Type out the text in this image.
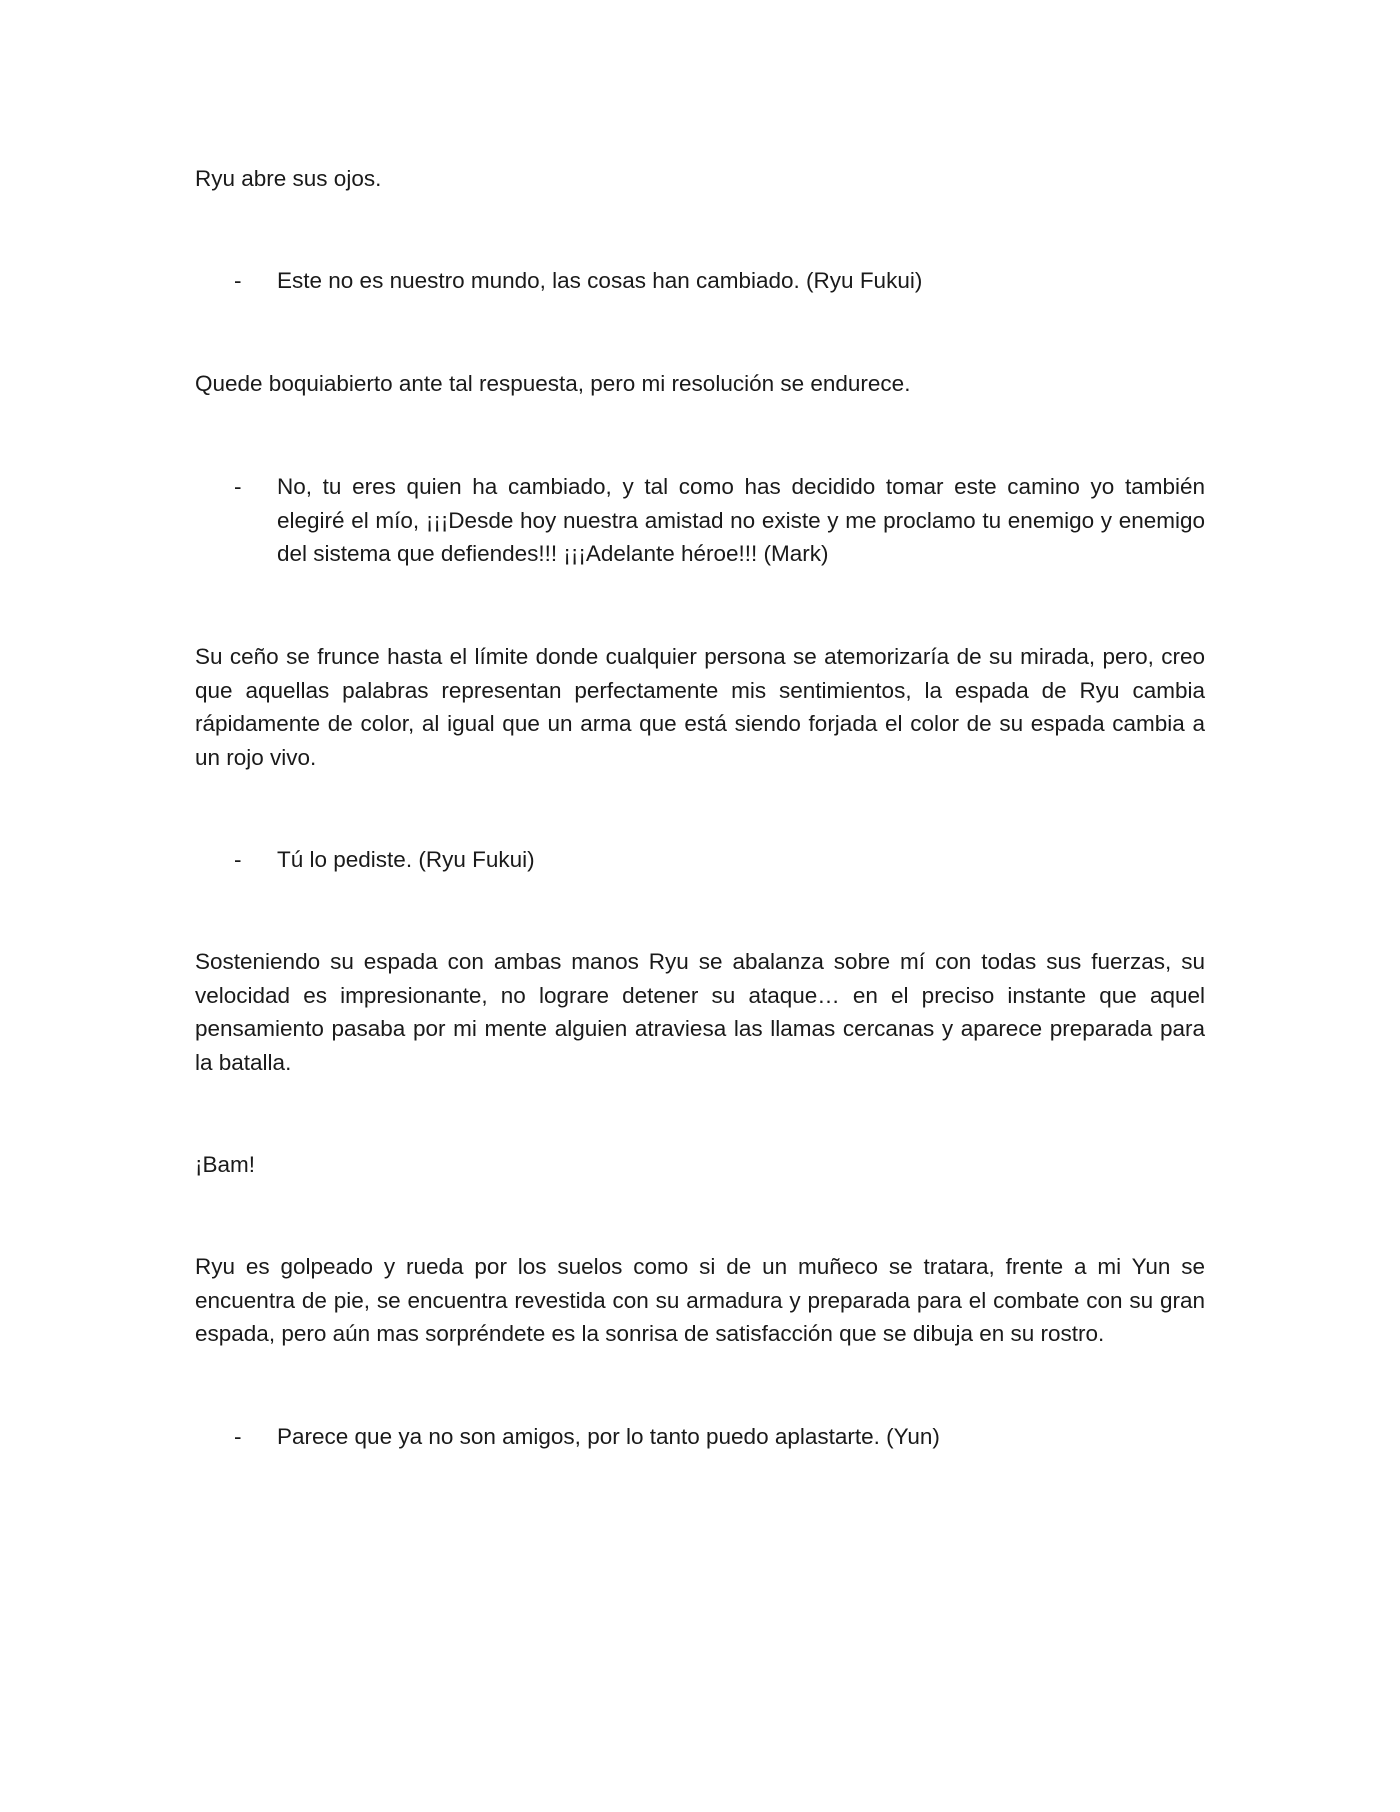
Ryu abre sus ojos.

-	Este no es nuestro mundo, las cosas han cambiado. (Ryu Fukui)

Quede boquiabierto ante tal respuesta, pero mi resolución se endurece.

-	No, tu eres quien ha cambiado, y tal como has decidido tomar este camino yo también elegiré el mío, ¡¡¡Desde hoy nuestra amistad no existe y me proclamo tu enemigo y enemigo del sistema que defiendes!!! ¡¡¡Adelante héroe!!! (Mark)

Su ceño se frunce hasta el límite donde cualquier persona se atemorizaría de su mirada, pero, creo que aquellas palabras representan perfectamente mis sentimientos, la espada de Ryu cambia rápidamente de color, al igual que un arma que está siendo forjada el color de su espada cambia a un rojo vivo.

-	Tú lo pediste. (Ryu Fukui)

Sosteniendo su espada con ambas manos Ryu se abalanza sobre mí con todas sus fuerzas, su velocidad es impresionante, no lograre detener su ataque… en el preciso instante que aquel pensamiento pasaba por mi mente alguien atraviesa las llamas cercanas y aparece preparada para la batalla.

¡Bam!

Ryu es golpeado y rueda por los suelos como si de un muñeco se tratara, frente a mi Yun se encuentra de pie, se encuentra revestida con su armadura y preparada para el combate con su gran espada, pero aún mas sorpréndete es la sonrisa de satisfacción que se dibuja en su rostro.

-	Parece que ya no son amigos, por lo tanto puedo aplastarte. (Yun)
